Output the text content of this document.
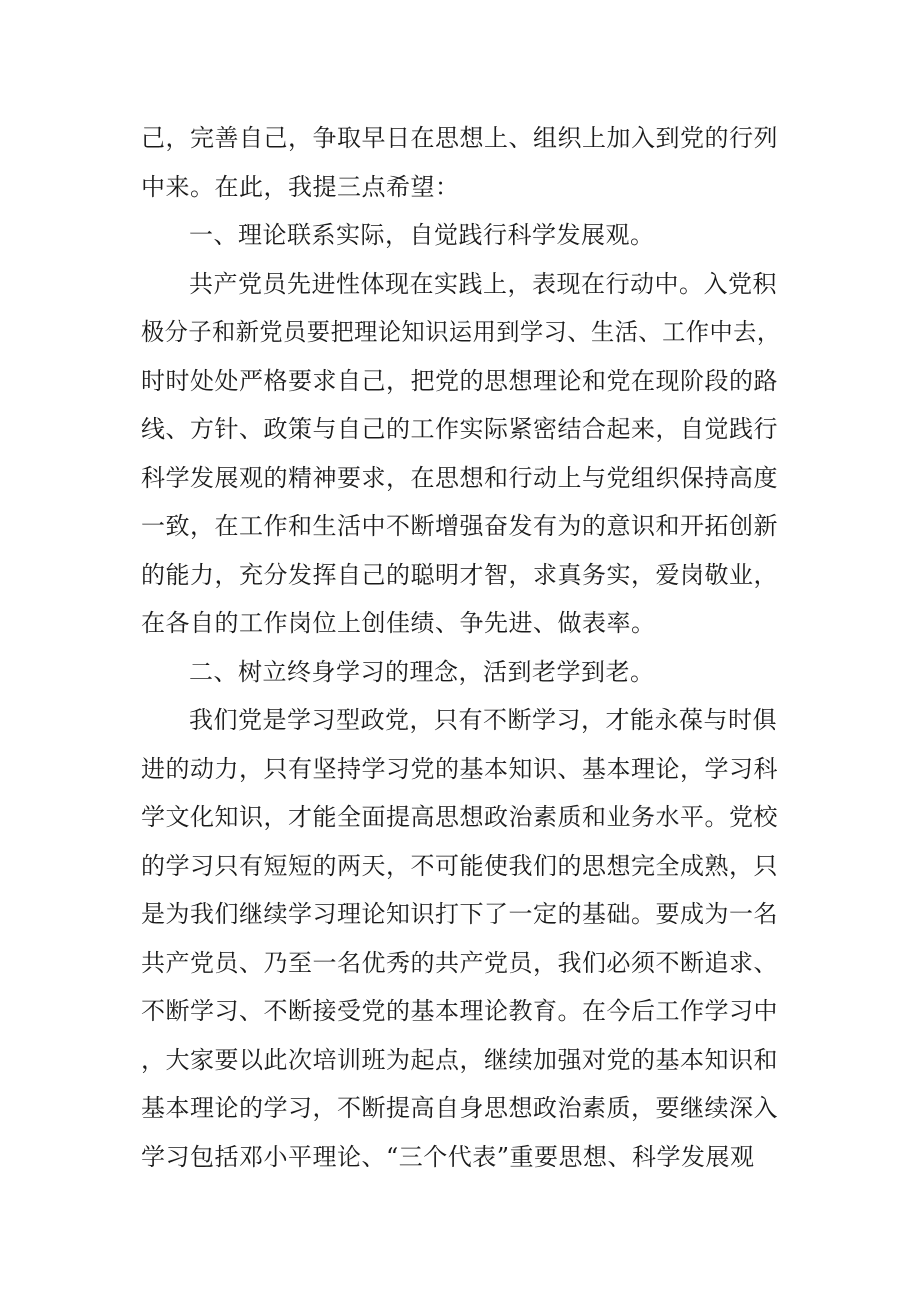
己，完善自己，争取早日在思想上、组织上加入到党的行列
中来。在此，我提三点希望：
一、理论联系实际，自觉践行科学发展观。
共产党员先进性体现在实践上，表现在行动中。入党积
极分子和新党员要把理论知识运用到学习、生活、工作中去，
时时处处严格要求自己，把党的思想理论和党在现阶段的路
线、方针、政策与自己的工作实际紧密结合起来，自觉践行
科学发展观的精神要求，在思想和行动上与党组织保持高度
一致，在工作和生活中不断增强奋发有为的意识和开拓创新
的能力，充分发挥自己的聪明才智，求真务实，爱岗敬业，
在各自的工作岗位上创佳绩、争先进、做表率。
二、树立终身学习的理念，活到老学到老。
我们党是学习型政党，只有不断学习，才能永葆与时俱
进的动力，只有坚持学习党的基本知识、基本理论，学习科
学文化知识，才能全面提高思想政治素质和业务水平。党校
的学习只有短短的两天，不可能使我们的思想完全成熟，只
是为我们继续学习理论知识打下了一定的基础。要成为一名
共产党员、乃至一名优秀的共产党员，我们必须不断追求、
不断学习、不断接受党的基本理论教育。在今后工作学习中
，大家要以此次培训班为起点，继续加强对党的基本知识和
基本理论的学习，不断提高自身思想政治素质，要继续深入
学习包括邓小平理论、“三个代表”重要思想、科学发展观
